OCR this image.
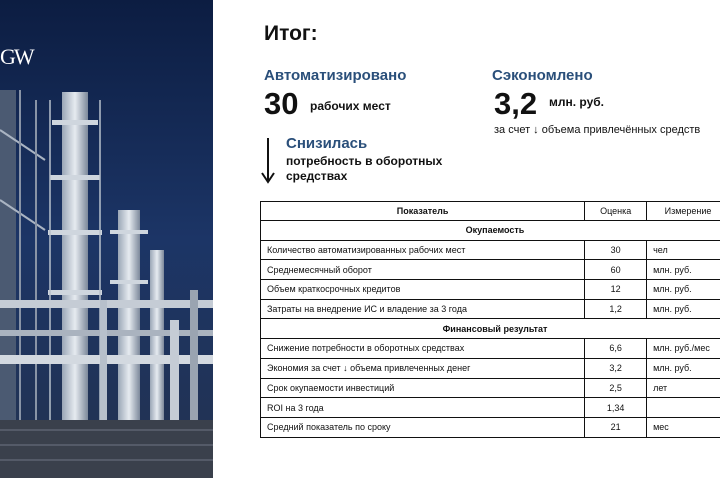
GW
Итог:
Автоматизировано
30 рабочих мест
Сэкономлено
3,2 млн. руб.
за счет ↓ объема привлечённых средств
Снизилась
потребность в оборотных средствах
Показатель	Оценка	Измерение
Окупаемость		
Количество автоматизированных рабочих мест	30	чел
Среднемесячный оборот	60	млн. руб.
Объем краткосрочных кредитов	12	млн. руб.
Затраты на внедрение ИС и владение за 3 года	1,2	млн. руб.
Финансовый результат		
Снижение потребности в оборотных средствах	6,6	млн. руб./мес
Экономия за счет ↓ объема привлеченных денег	3,2	млн. руб.
Срок окупаемости инвестиций	2,5	лет
ROI на 3 года	1,34	
Средний показатель по сроку	21	мес
